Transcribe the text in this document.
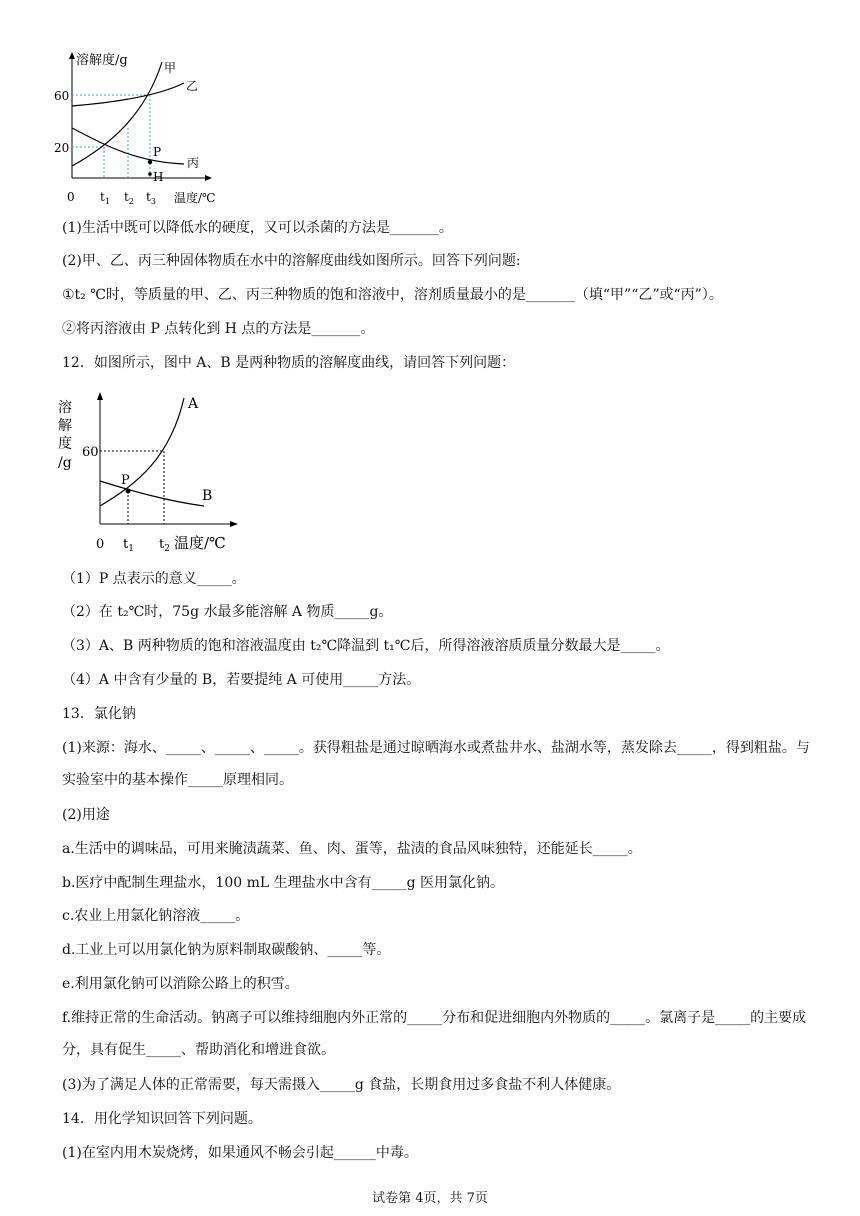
溶解度/g	甲
乙
丙
P
H
60
20
0 $t_1$ $t_2$ $t_3$ 温度/℃
(1)生活中既可以降低水的硬度，又可以杀菌的方法是_______。
(2)甲、乙、丙三种固体物质在水中的溶解度曲线如图所示。回答下列问题:
①t₂ ℃时，等质量的甲、乙、丙三种物质的饱和溶液中，溶剂质量最小的是_______（填“甲”“乙”或“丙”）。
②将丙溶液由 P 点转化到 H 点的方法是_______。
12．如图所示，图中 A、B 是两种物质的溶解度曲线，请回答下列问题：
溶
解
度
/g
60
A
B
P
0 $t_1$ $t_2$ 温度/℃
（1）P 点表示的意义_____。
（2）在 t₂℃时，75g 水最多能溶解 A 物质_____g。
（3）A、B 两种物质的饱和溶液温度由 t₂℃降温到 t₁℃后，所得溶液溶质质量分数最大是_____。
（4）A 中含有少量的 B，若要提纯 A 可使用_____方法。
13．氯化钠
(1)来源：海水、_____、_____、_____。获得粗盐是通过晾晒海水或煮盐井水、盐湖水等，蒸发除去_____，得到粗盐。与实验室中的基本操作_____原理相同。
(2)用途
a.生活中的调味品，可用来腌渍蔬菜、鱼、肉、蛋等，盐渍的食品风味独特，还能延长_____。
b.医疗中配制生理盐水，100 mL 生理盐水中含有_____g 医用氯化钠。
c.农业上用氯化钠溶液_____。
d.工业上可以用氯化钠为原料制取碳酸钠、_____等。
e.利用氯化钠可以消除公路上的积雪。
f.维持正常的生命活动。钠离子可以维持细胞内外正常的_____分布和促进细胞内外物质的_____。氯离子是_____的主要成分，具有促生_____、帮助消化和增进食欲。
(3)为了满足人体的正常需要，每天需摄入_____g 食盐，长期食用过多食盐不利人体健康。
14．用化学知识回答下列问题。
(1)在室内用木炭烧烤，如果通风不畅会引起______中毒。
试卷第 4页，共 7页
